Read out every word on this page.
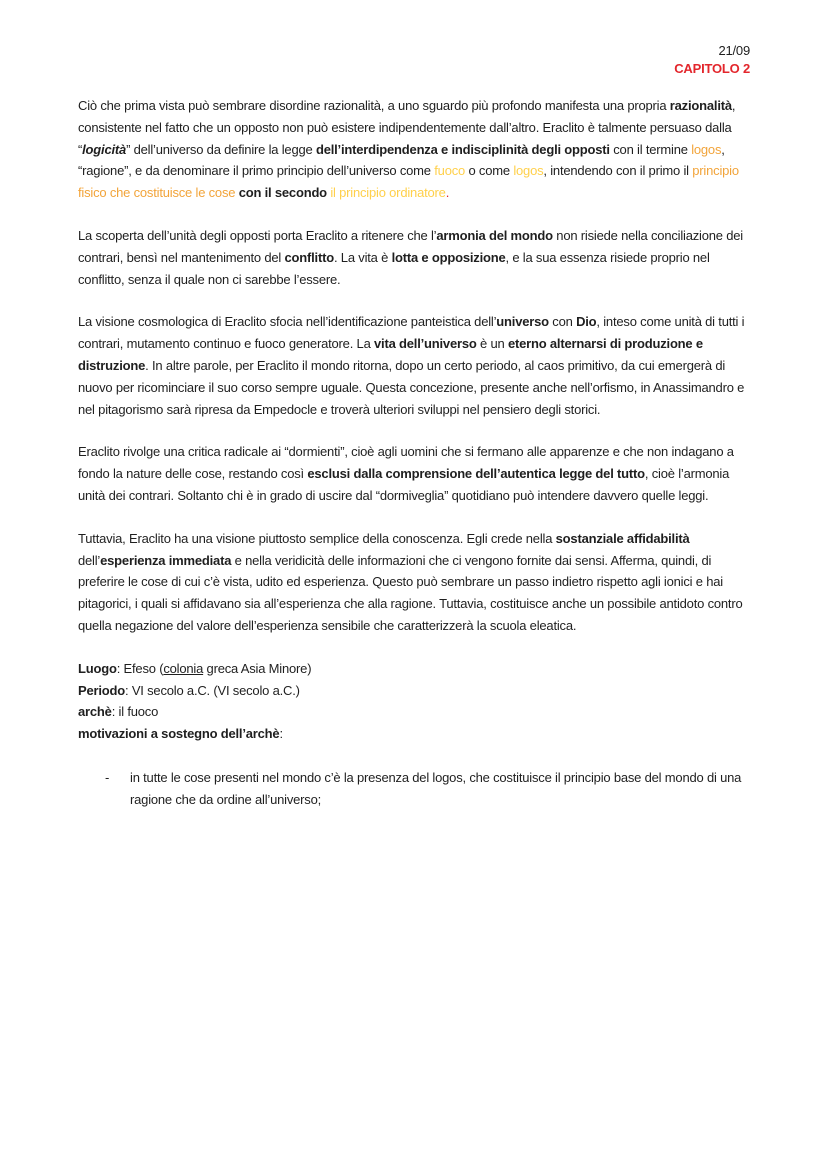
21/09
CAPITOLO 2

Ciò che prima vista può sembrare disordine razionalità, a uno sguardo più profondo manifesta una propria razionalità, consistente nel fatto che un opposto non può esistere indipendentemente dall’altro. Eraclito è talmente persuaso dalla “logicità” dell’universo da definire la legge dell’interdipendenza e indisciplinità degli opposti con il termine logos, “ragione”, e da denominare il primo principio dell’universo come fuoco o come logos, intendendo con il primo il principio fisico che costituisce le cose con il secondo il principio ordinatore.

La scoperta dell’unità degli opposti porta Eraclito a ritenere che l’armonia del mondo non risiede nella conciliazione dei contrari, bensì nel mantenimento del conflitto. La vita è lotta e opposizione, e la sua essenza risiede proprio nel conflitto, senza il quale non ci sarebbe l’essere.

La visione cosmologica di Eraclito sfocia nell’identificazione panteistica dell’universo con Dio, inteso come unità di tutti i contrari, mutamento continuo e fuoco generatore. La vita dell’universo è un eterno alternarsi di produzione e distruzione. In altre parole, per Eraclito il mondo ritorna, dopo un certo periodo, al caos primitivo, da cui emergerà di nuovo per ricominciare il suo corso sempre uguale. Questa concezione, presente anche nell’orfismo, in Anassimandro e nel pitagorismo sarà ripresa da Empedocle e troverà ulteriori sviluppi nel pensiero degli storici.

Eraclito rivolge una critica radicale ai “dormienti”, cioè agli uomini che si fermano alle apparenze e che non indagano a fondo la nature delle cose, restando così esclusi dalla comprensione dell’autentica legge del tutto, cioè l’armonia unità dei contrari. Soltanto chi è in grado di uscire dal “dormiveglia” quotidiano può intendere davvero quelle leggi.

Tuttavia, Eraclito ha una visione piuttosto semplice della conoscenza. Egli crede nella sostanziale affidabilità dell’esperienza immediata e nella veridicità delle informazioni che ci vengono fornite dai sensi. Afferma, quindi, di preferire le cose di cui c’è vista, udito ed esperienza. Questo può sembrare un passo indietro rispetto agli ionici e hai pitagorici, i quali si affidavano sia all’esperienza che alla ragione. Tuttavia, costituisce anche un possibile antidoto contro quella negazione del valore dell’esperienza sensibile che caratterizzerà la scuola eleatica.

Luogo: Efeso (colonia greca Asia Minore)

Periodo: VI secolo a.C. (VI secolo a.C.)

archè: il fuoco

motivazioni a sostegno dell’archè:

- in tutte le cose presenti nel mondo c’è la presenza del logos, che costituisce il principio base del mondo di una ragione che da ordine all’universo;
